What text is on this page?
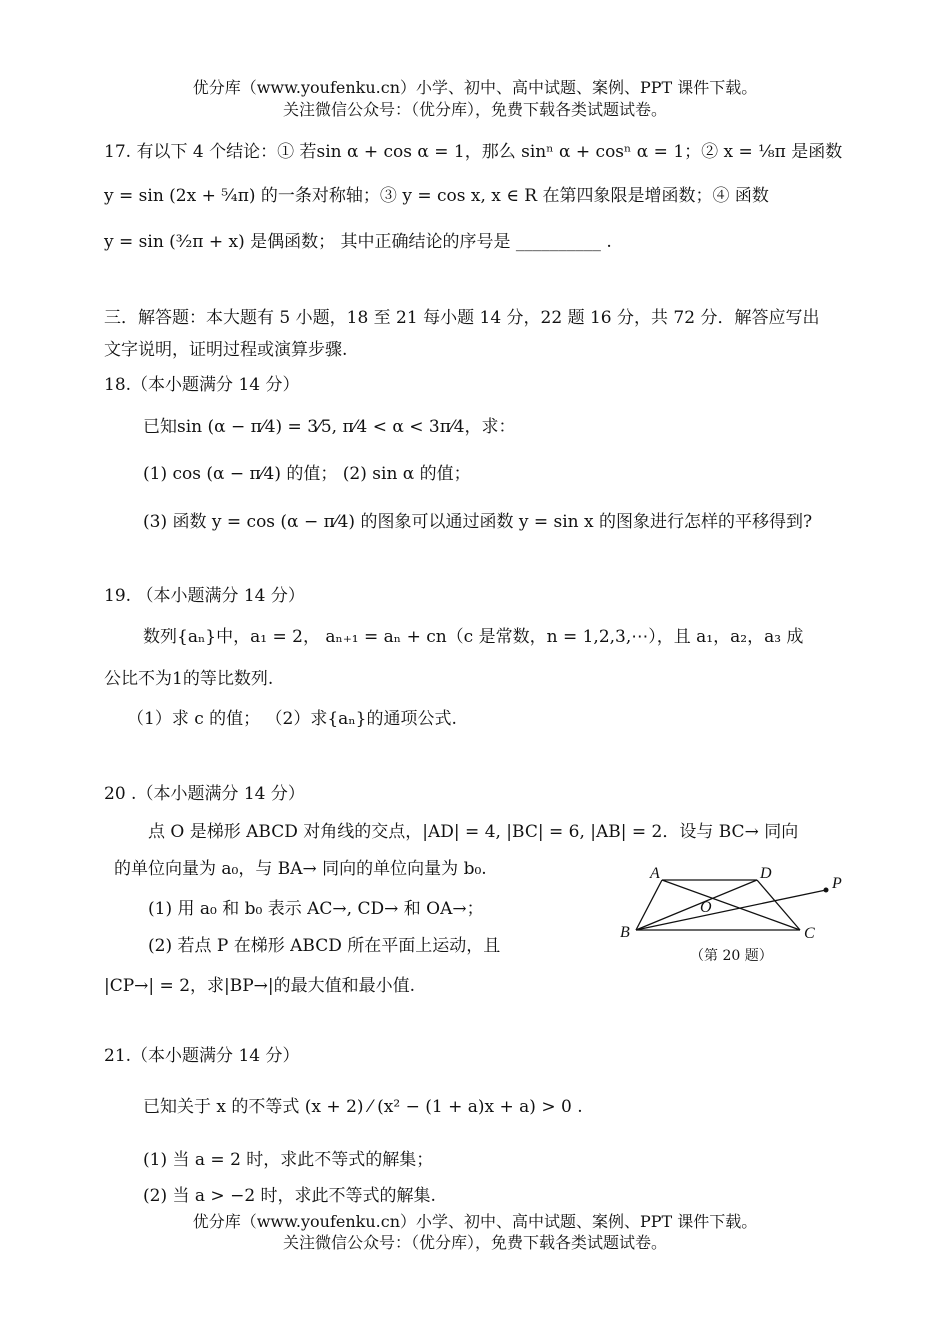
优分库（www.youfenku.cn）小学、初中、高中试题、案例、PPT 课件下载。
关注微信公众号：（优分库），免费下载各类试题试卷。
17. 有以下 4 个结论：① 若sin α + cos α = 1，那么 sinⁿ α + cosⁿ α = 1；② x = ⅛π 是函数
y = sin (2x + ⁵⁄₄π) 的一条对称轴；③ y = cos x, x ∈ R 在第四象限是增函数；④ 函数
y = sin (³⁄₂π + x) 是偶函数； 其中正确结论的序号是 __________ .
三．解答题：本大题有 5 小题，18 至 21 每小题 14 分，22 题 16 分，共 72 分．解答应写出
文字说明，证明过程或演算步骤.
18.（本小题满分 14 分）
已知sin (α − π⁄4) = 3⁄5, π⁄4 < α < 3π⁄4，求：
(1) cos (α − π⁄4) 的值； (2) sin α 的值；
(3) 函数 y = cos (α − π⁄4) 的图象可以通过函数 y = sin x 的图象进行怎样的平移得到?
19. （本小题满分 14 分）
数列{aₙ}中，a₁ = 2， aₙ₊₁ = aₙ + cn（c 是常数，n = 1,2,3,⋯），且 a₁，a₂，a₃ 成
公比不为1的等比数列.
（1）求 c 的值； （2）求{aₙ}的通项公式.
20 .（本小题满分 14 分）
点 O 是梯形 ABCD 对角线的交点，|AD| = 4, |BC| = 6, |AB| = 2．设与 BC→ 同向
的单位向量为 a₀，与 BA→ 同向的单位向量为 b₀.
(1) 用 a₀ 和 b₀ 表示 AC→, CD→ 和 OA→；
(2) 若点 P 在梯形 ABCD 所在平面上运动，且
|CP→| = 2，求|BP→|的最大值和最小值.
A	D
B	C
O
P
（第 20 题）
21.（本小题满分 14 分）
已知关于 x 的不等式 (x + 2) ⁄ (x² − (1 + a)x + a) > 0 .
(1) 当 a = 2 时，求此不等式的解集；
(2) 当 a > −2 时，求此不等式的解集.
优分库（www.youfenku.cn）小学、初中、高中试题、案例、PPT 课件下载。
关注微信公众号：（优分库），免费下载各类试题试卷。
